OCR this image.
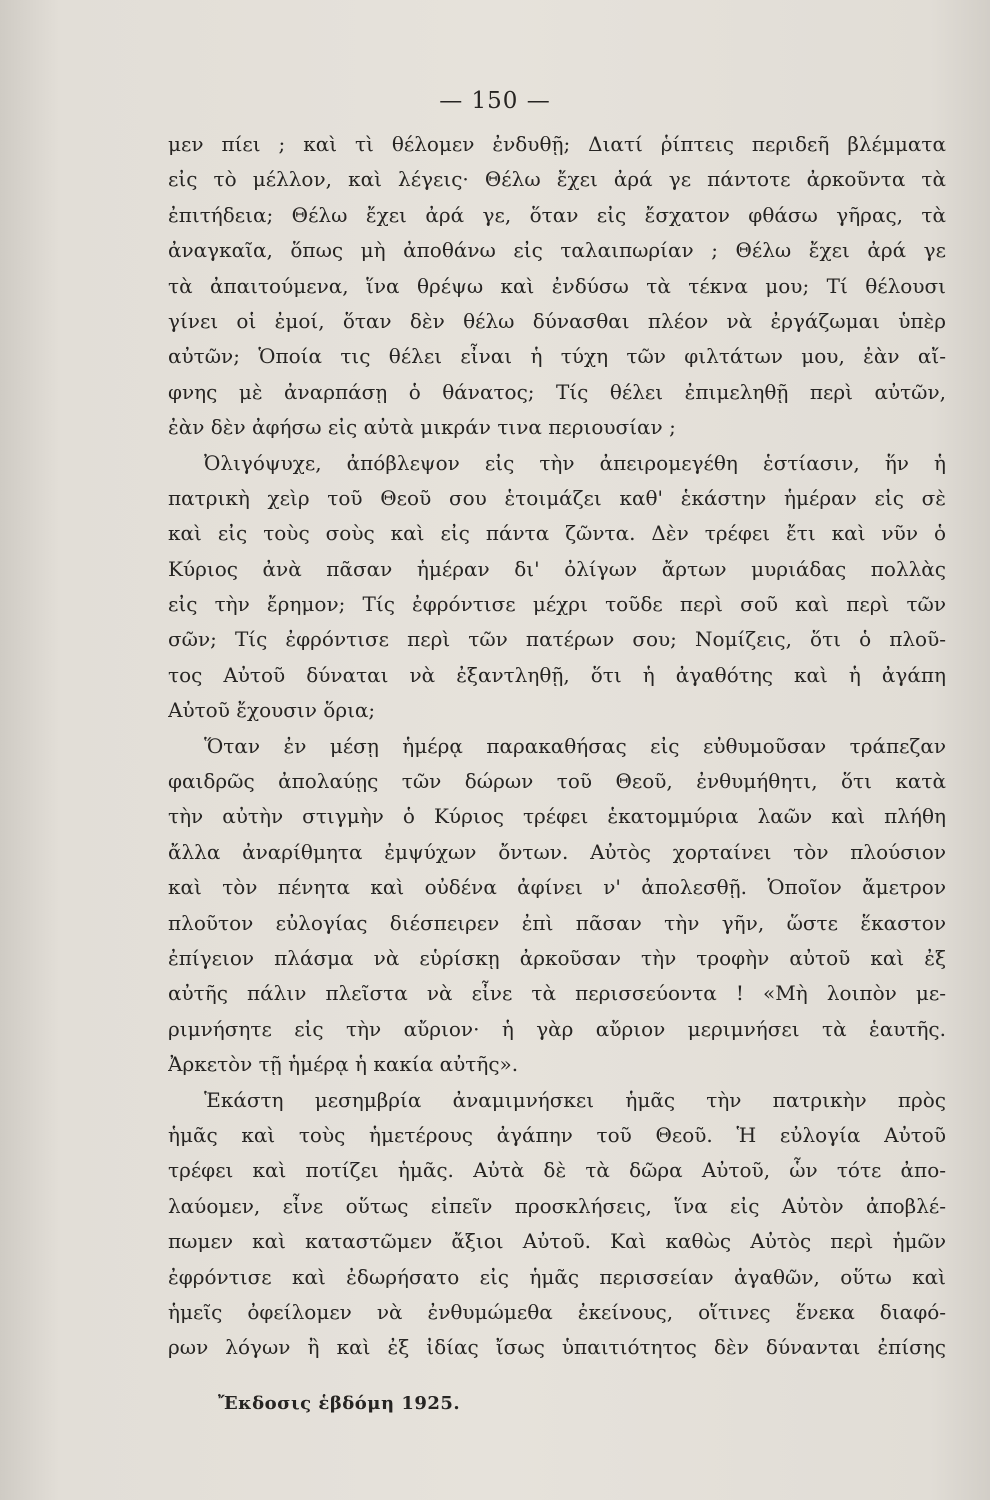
— 150 —
μεν πίει ; καὶ τὶ θέλομεν ἐνδυθῇ; Διατί ῥίπτεις περιδεῆ βλέμματα
εἰς τὸ μέλλον, καὶ λέγεις· Θέλω ἔχει ἀρά γε πάντοτε ἀρκοῦντα τὰ
ἐπιτήδεια; Θέλω ἔχει ἀρά γε, ὅταν εἰς ἔσχατον φθάσω γῆρας, τὰ
ἀναγκαῖα, ὅπως μὴ ἀποθάνω εἰς ταλαιπωρίαν ; Θέλω ἔχει ἀρά γε
τὰ ἀπαιτούμενα, ἵνα θρέψω καὶ ἐνδύσω τὰ τέκνα μου; Τί θέλουσι
γίνει οἱ ἐμοί, ὅταν δὲν θέλω δύνασθαι πλέον νὰ ἐργάζωμαι ὑπὲρ
αὐτῶν; Ὁποία τις θέλει εἶναι ἡ τύχη τῶν φιλτάτων μου, ἐὰν αἴ-
φνης μὲ ἀναρπάσῃ ὁ θάνατος; Τίς θέλει ἐπιμεληθῇ περὶ αὐτῶν,
ἐὰν δὲν ἀφήσω εἰς αὐτὰ μικράν τινα περιουσίαν ;
Ὀλιγόψυχε, ἀπόβλεψον εἰς τὴν ἀπειρομεγέθη ἑστίασιν, ἥν ἡ
πατρικὴ χεὶρ τοῦ Θεοῦ σου ἑτοιμάζει καθ' ἑκάστην ἡμέραν εἰς σὲ
καὶ εἰς τοὺς σοὺς καὶ εἰς πάντα ζῶντα. Δὲν τρέφει ἔτι καὶ νῦν ὁ
Κύριος ἀνὰ πᾶσαν ἡμέραν δι' ὀλίγων ἄρτων μυριάδας πολλὰς
εἰς τὴν ἔρημον; Τίς ἐφρόντισε μέχρι τοῦδε περὶ σοῦ καὶ περὶ τῶν
σῶν; Τίς ἐφρόντισε περὶ τῶν πατέρων σου; Νομίζεις, ὅτι ὁ πλοῦ-
τος Αὐτοῦ δύναται νὰ ἐξαντληθῇ, ὅτι ἡ ἀγαθότης καὶ ἡ ἀγάπη
Αὐτοῦ ἔχουσιν ὅρια;
Ὅταν ἐν μέσῃ ἡμέρᾳ παρακαθήσας εἰς εὐθυμοῦσαν τράπεζαν
φαιδρῶς ἀπολαύῃς τῶν δώρων τοῦ Θεοῦ, ἐνθυμήθητι, ὅτι κατὰ
τὴν αὐτὴν στιγμὴν ὁ Κύριος τρέφει ἑκατομμύρια λαῶν καὶ πλήθη
ἄλλα ἀναρίθμητα ἐμψύχων ὄντων. Αὐτὸς χορταίνει τὸν πλούσιον
καὶ τὸν πένητα καὶ οὐδένα ἀφίνει ν' ἀπολεσθῇ. Ὁποῖον ἄμετρον
πλοῦτον εὐλογίας διέσπειρεν ἐπὶ πᾶσαν τὴν γῆν, ὥστε ἕκαστον
ἐπίγειον πλάσμα νὰ εὑρίσκῃ ἀρκοῦσαν τὴν τροφὴν αὐτοῦ καὶ ἐξ
αὐτῆς πάλιν πλεῖστα νὰ εἶνε τὰ περισσεύοντα ! «Μὴ λοιπὸν με-
ριμνήσητε εἰς τὴν αὔριον· ἡ γὰρ αὔριον μεριμνήσει τὰ ἑαυτῆς.
Ἀρκετὸν τῇ ἡμέρᾳ ἡ κακία αὐτῆς».
Ἑκάστη μεσημβρία ἀναμιμνήσκει ἡμᾶς τὴν πατρικὴν πρὸς
ἡμᾶς καὶ τοὺς ἡμετέρους ἀγάπην τοῦ Θεοῦ. Ἡ εὐλογία Αὐτοῦ
τρέφει καὶ ποτίζει ἡμᾶς. Αὐτὰ δὲ τὰ δῶρα Αὐτοῦ, ὧν τότε ἀπο-
λαύομεν, εἶνε οὕτως εἰπεῖν προσκλήσεις, ἵνα εἰς Αὐτὸν ἀποβλέ-
πωμεν καὶ καταστῶμεν ἄξιοι Αὐτοῦ. Καὶ καθὼς Αὐτὸς περὶ ἡμῶν
ἐφρόντισε καὶ ἐδωρήσατο εἰς ἡμᾶς περισσείαν ἀγαθῶν, οὕτω καὶ
ἡμεῖς ὀφείλομεν νὰ ἐνθυμώμεθα ἐκείνους, οἵτινες ἕνεκα διαφό-
ρων λόγων ἢ καὶ ἐξ ἰδίας ἴσως ὑπαιτιότητος δὲν δύνανται ἐπίσης
Ἔκδοσις ἑβδόμη 1925.
